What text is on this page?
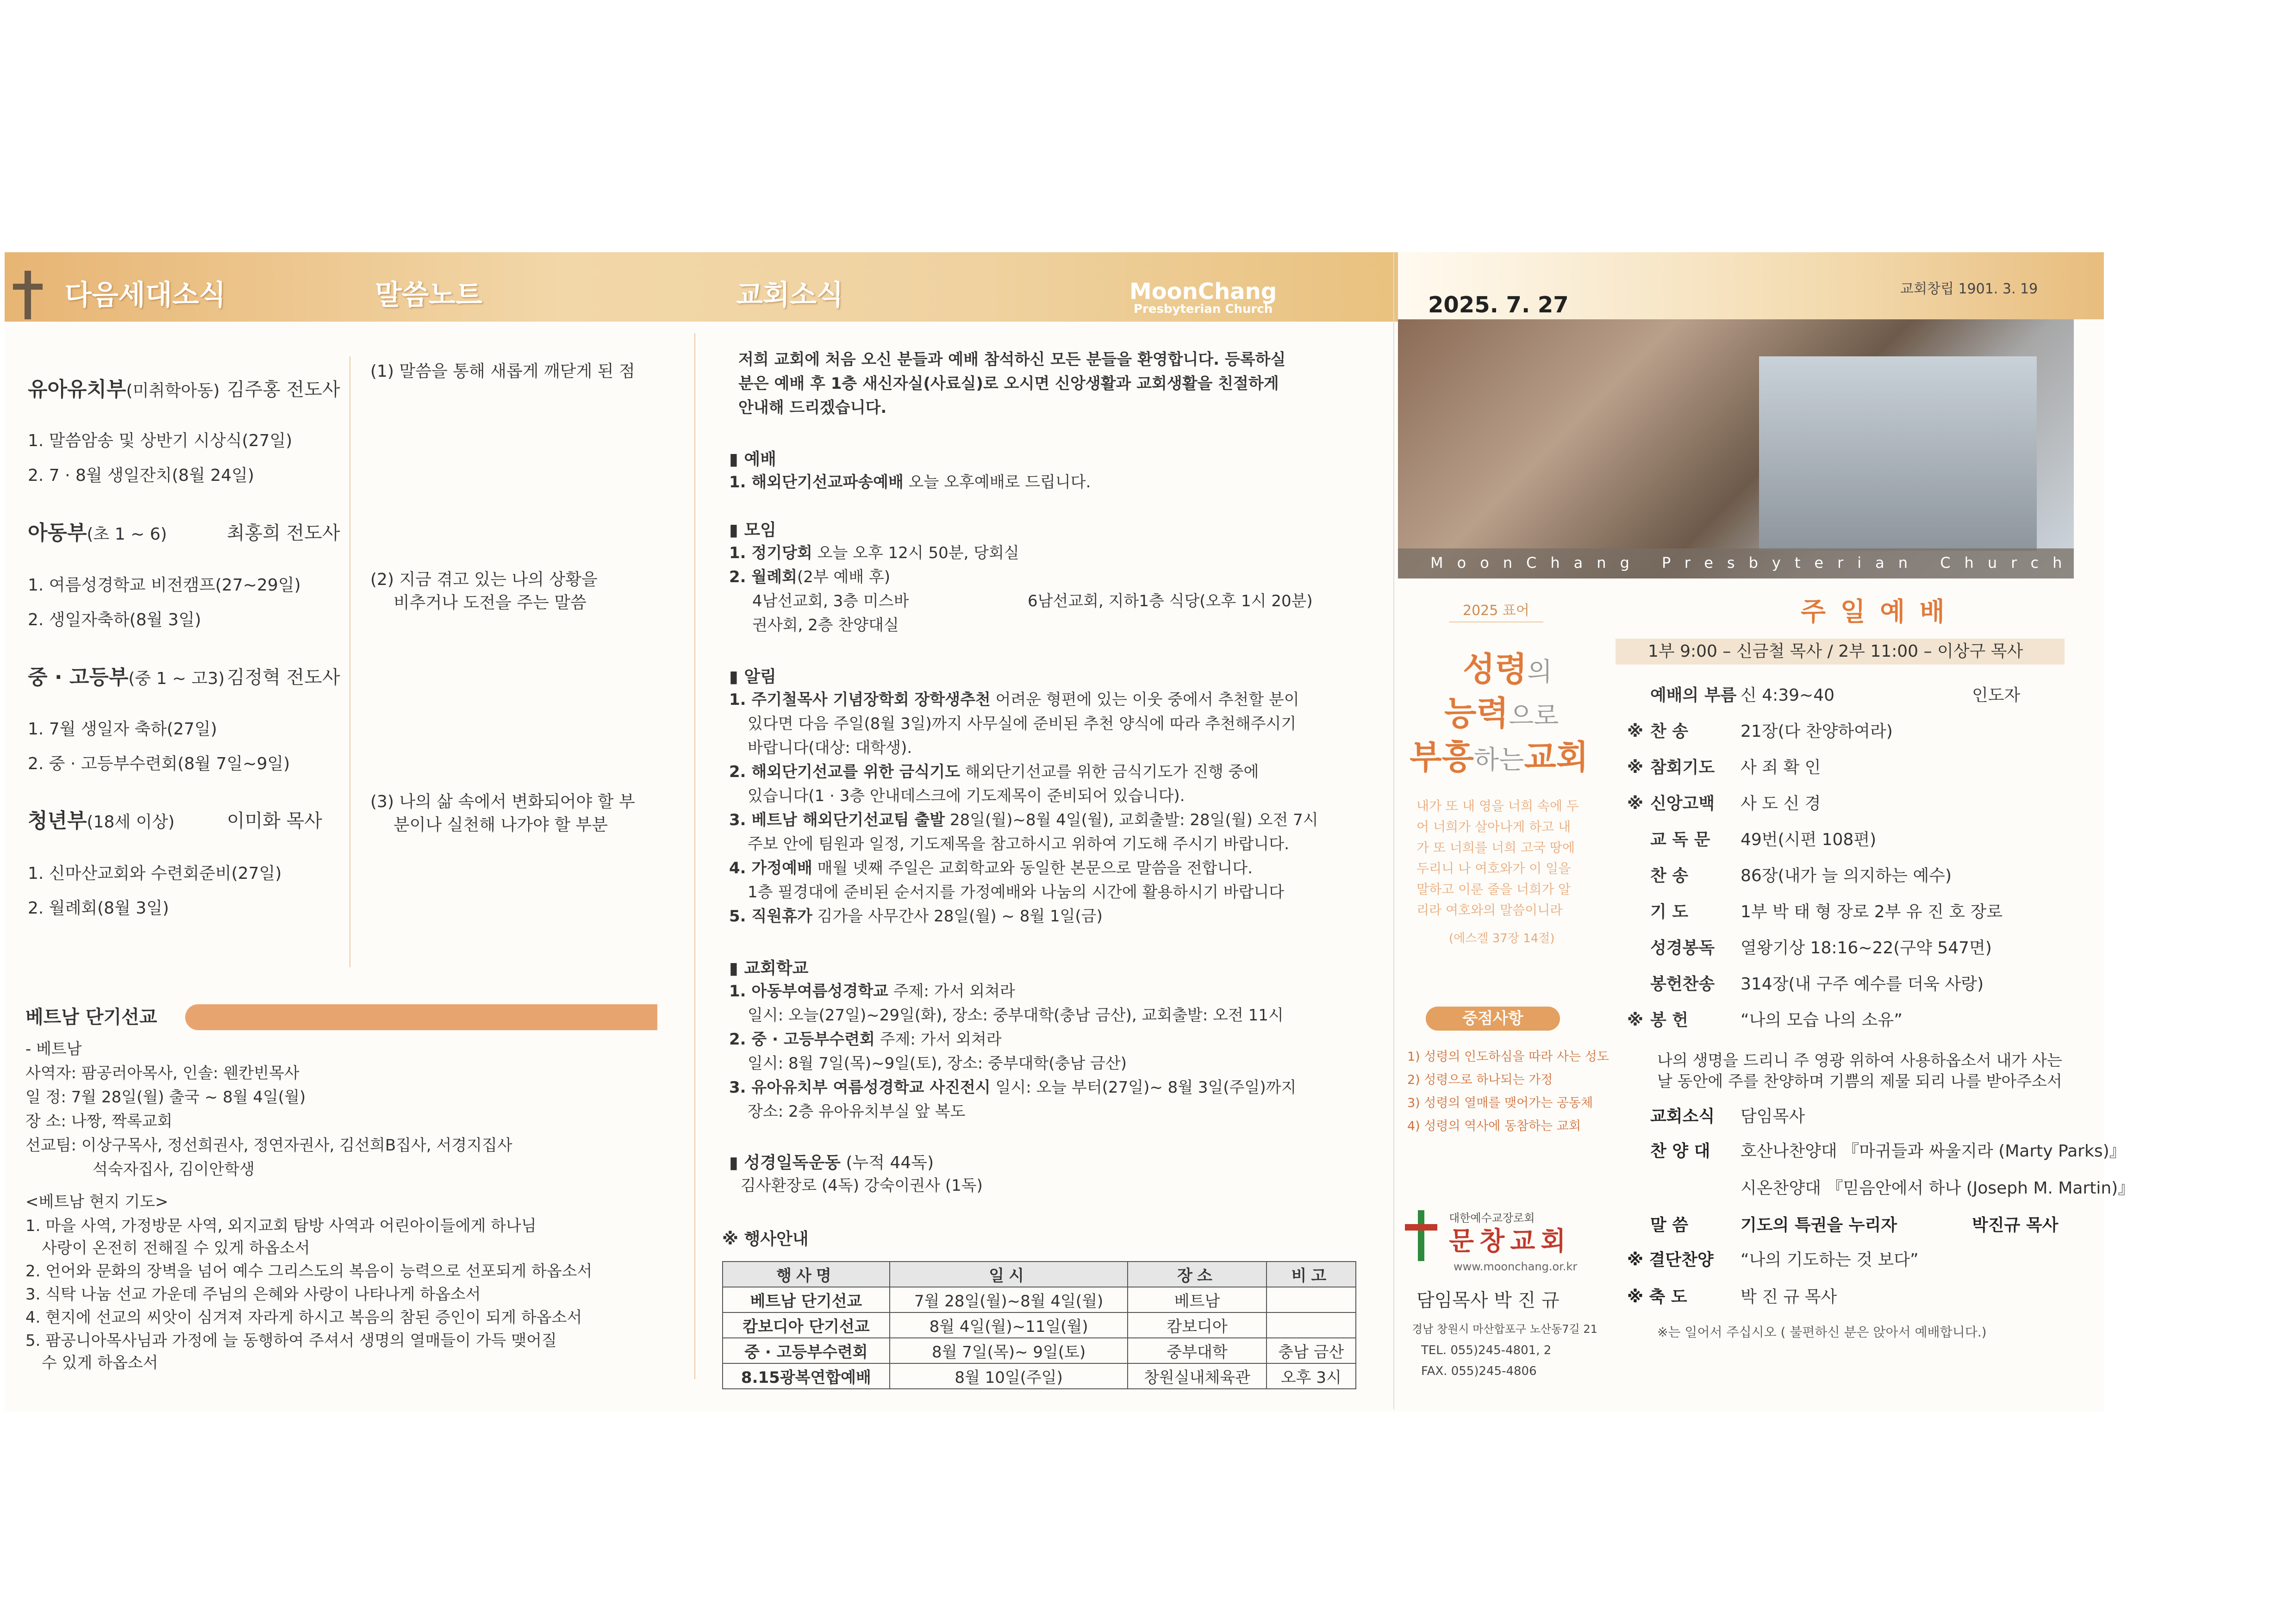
다음세대소식	말씀노트	교회소식	MoonChang
Presbyterian Church
유아유치부(미취학아동) 김주홍 전도사
1. 말씀암송 및 상반기 시상식(27일)
2. 7 · 8월 생일잔치(8월 24일)
아동부(초 1 ~ 6)	최홍희 전도사
1. 여름성경학교 비전캠프(27~29일)
2. 생일자축하(8월 3일)
중 · 고등부(중 1 ~ 고3) 김정혁 전도사
1. 7월 생일자 축하(27일)
2. 중 · 고등부수련회(8월 7일~9일)
청년부(18세 이상)	이미화 목사
1. 신마산교회와 수련회준비(27일)
2. 월례회(8월 3일)
(1) 말씀을 통해 새롭게 깨닫게 된 점
(2) 지금 겪고 있는 나의 상황을
비추거나 도전을 주는 말씀
(3) 나의 삶 속에서 변화되어야 할 부
분이나 실천해 나가야 할 부분
베트남 단기선교
- 베트남
사역자: 팜공러아목사, 인솔: 웬칸빈목사
일 정: 7월 28일(월) 출국 ~ 8월 4일(월)
장 소: 나짱, 짝록교회
선교팀: 이상구목사, 정선희권사, 정연자권사, 김선희B집사, 서경지집사
석숙자집사, 김이안학생
<베트남 현지 기도>
1. 마을 사역, 가정방문 사역, 외지교회 탐방 사역과 어린아이들에게 하나님
사랑이 온전히 전해질 수 있게 하옵소서
2. 언어와 문화의 장벽을 넘어 예수 그리스도의 복음이 능력으로 선포되게 하옵소서
3. 식탁 나눔 선교 가운데 주님의 은혜와 사랑이 나타나게 하옵소서
4. 현지에 선교의 씨앗이 심겨져 자라게 하시고 복음의 참된 증인이 되게 하옵소서
5. 팜공니아목사님과 가정에 늘 동행하여 주셔서 생명의 열매들이 가득 맺어질
수 있게 하옵소서
저희 교회에 처음 오신 분들과 예배 참석하신 모든 분들을 환영합니다. 등록하실
분은 예배 후 1층 새신자실(사료실)로 오시면 신앙생활과 교회생활을 친절하게
안내해 드리겠습니다.
▮ 예배
1. 해외단기선교파송예배 오늘 오후예배로 드립니다.
▮ 모임
1. 정기당회 오늘 오후 12시 50분, 당회실
2. 월례회(2부 예배 후)
4남선교회, 3층 미스바	6남선교회, 지하1층 식당(오후 1시 20분)
권사회, 2층 찬양대실
▮ 알림
1. 주기철목사 기념장학회 장학생추천 어려운 형편에 있는 이웃 중에서 추천할 분이
있다면 다음 주일(8월 3일)까지 사무실에 준비된 추천 양식에 따라 추천해주시기
바랍니다(대상: 대학생).
2. 해외단기선교를 위한 금식기도 해외단기선교를 위한 금식기도가 진행 중에
있습니다(1 · 3층 안내데스크에 기도제목이 준비되어 있습니다).
3. 베트남 해외단기선교팀 출발 28일(월)~8월 4일(월), 교회출발: 28일(월) 오전 7시
주보 안에 팀원과 일정, 기도제목을 참고하시고 위하여 기도해 주시기 바랍니다.
4. 가정예배 매월 넷째 주일은 교회학교와 동일한 본문으로 말씀을 전합니다.
1층 필경대에 준비된 순서지를 가정예배와 나눔의 시간에 활용하시기 바랍니다
5. 직원휴가 김가을 사무간사 28일(월) ~ 8월 1일(금)
▮ 교회학교
1. 아동부여름성경학교 주제: 가서 외쳐라
일시: 오늘(27일)~29일(화), 장소: 중부대학(충남 금산), 교회출발: 오전 11시
2. 중 · 고등부수련회 주제: 가서 외쳐라
일시: 8월 7일(목)~9일(토), 장소: 중부대학(충남 금산)
3. 유아유치부 여름성경학교 사진전시 일시: 오늘 부터(27일)~ 8월 3일(주일)까지
장소: 2층 유아유치부실 앞 복도
▮ 성경일독운동 (누적 44독)
김사환장로 (4독) 강숙이권사 (1독)
※ 행사안내
행사명	일시	장소	비고
베트남 단기선교	7월 28일(월)~8월 4일(월)	베트남	
캄보디아 단기선교	8월 4일(월)~11일(월)	캄보디아	
중 · 고등부수련회	8월 7일(목)~ 9일(토)	중부대학	충남 금산
8.15광복연합예배	8월 10일(주일)	창원실내체육관	오후 3시
2025. 7. 27
교회창립 1901. 3. 19
MoonChang Presbyterian Church
2025 표어
성령의
능력으로
부흥하는교회
내가 또 내 영을 너희 속에 두
어 너희가 살아나게 하고 내
가 또 너희를 너희 고국 땅에
두리니 나 여호와가 이 일을
말하고 이룬 줄을 너희가 알
리라 여호와의 말씀이니라
(에스겔 37장 14절)
중점사항
1) 성령의 인도하심을 따라 사는 성도
2) 성령으로 하나되는 가정
3) 성령의 열매를 맺어가는 공동체
4) 성령의 역사에 동참하는 교회
대한예수교장로회
문창교회
www.moonchang.or.kr
담임목사 박 진 규
경남 창원시 마산합포구 노산동7길 21
TEL. 055)245-4801, 2
FAX. 055)245-4806
주 일 예 배
1부 9:00 – 신금철 목사 / 2부 11:00 – 이상구 목사
예배의 부름 신 4:39~40	인도자
※ 찬 송	21장(다 찬양하여라)
※ 참회기도 사 죄 확 인
※ 신앙고백 사 도 신 경
교 독 문 49번(시편 108편)
찬 송	86장(내가 늘 의지하는 예수)
기 도	1부 박 태 형 장로 2부 유 진 호 장로
성경봉독 열왕기상 18:16~22(구약 547면)
봉헌찬송 314장(내 구주 예수를 더욱 사랑)
※ 봉 헌	“나의 모습 나의 소유”
나의 생명을 드리니 주 영광 위하여 사용하옵소서 내가 사는
날 동안에 주를 찬양하며 기쁨의 제물 되리 나를 받아주소서
교회소식 담임목사
찬 양 대 호산나찬양대 『마귀들과 싸울지라 (Marty Parks)』
시온찬양대 『믿음안에서 하나 (Joseph M. Martin)』
말 씀	기도의 특권을 누리자	박진규 목사
※ 결단찬양 “나의 기도하는 것 보다”
※ 축 도	박 진 규 목사
※는 일어서 주십시오 ( 불편하신 분은 앉아서 예배합니다.)
